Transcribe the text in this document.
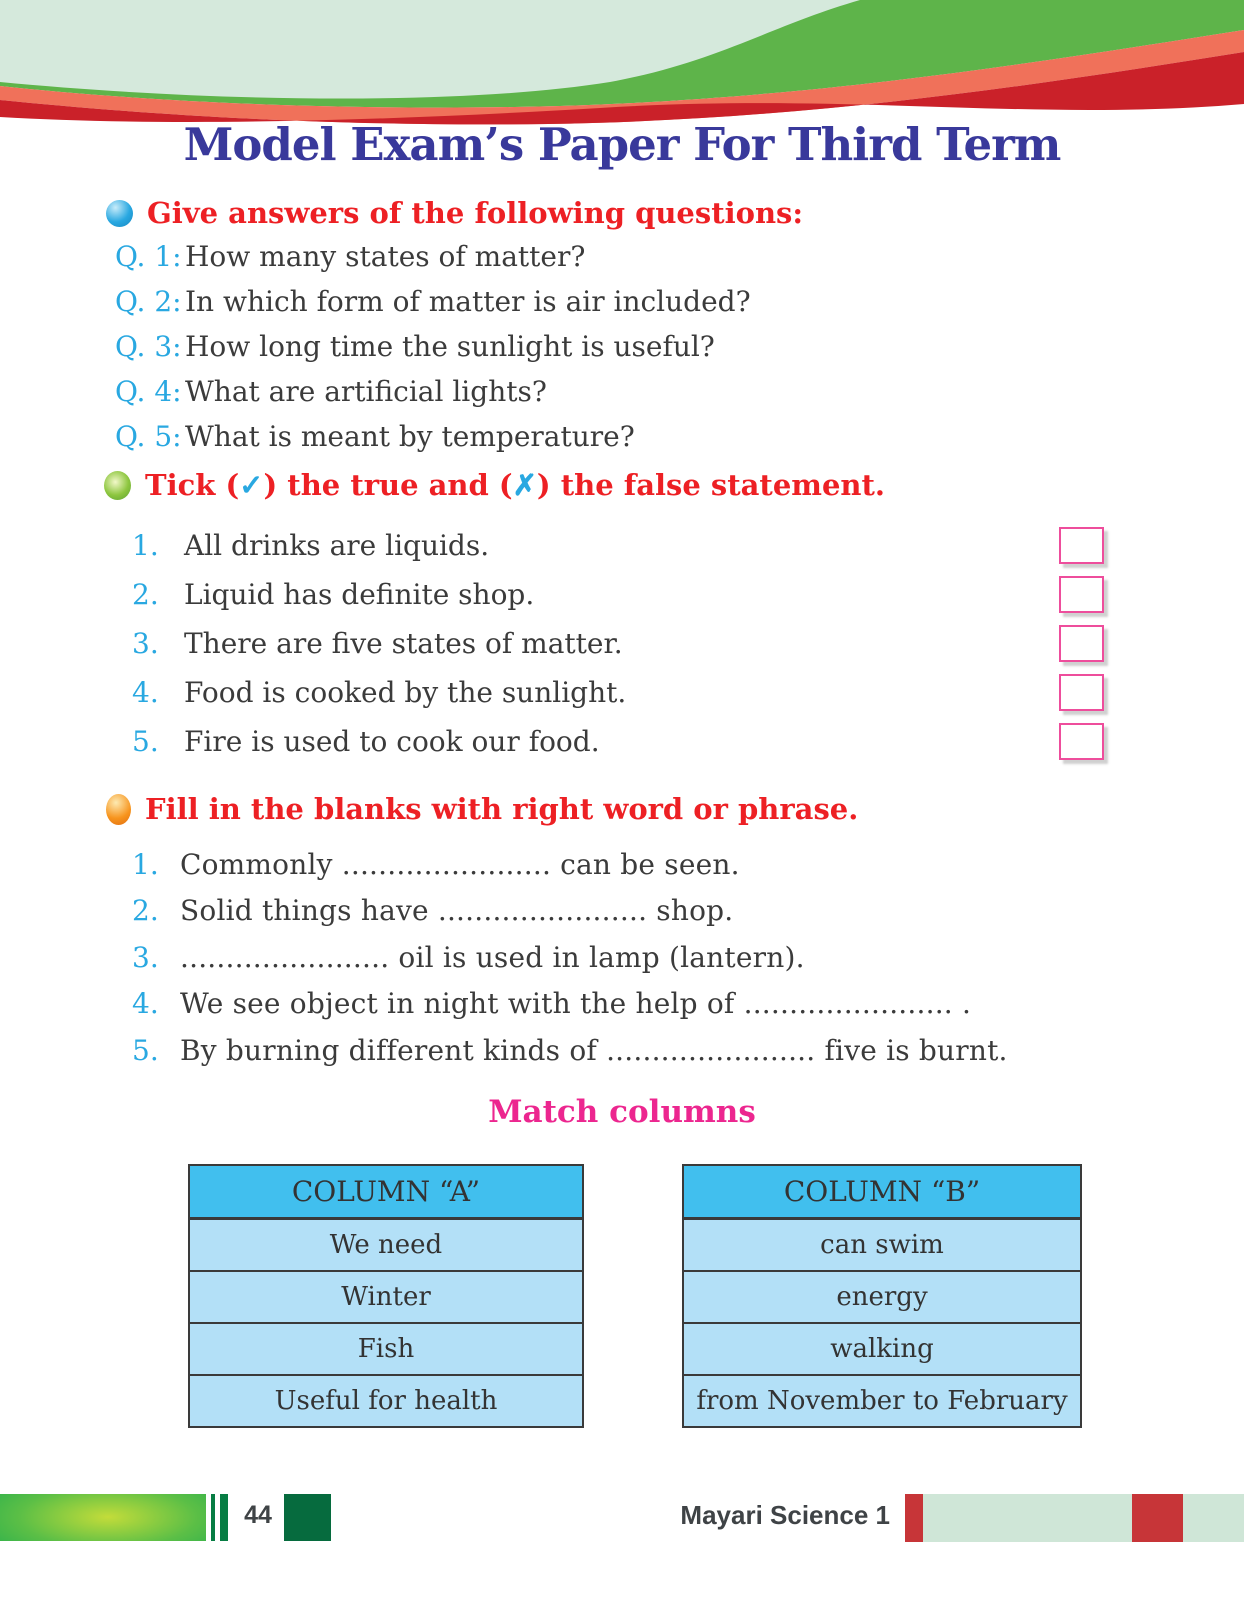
Model Exam’s Paper For Third Term
Give answers of the following questions:
Q. 1: How many states of matter?
Q. 2: In which form of matter is air included?
Q. 3: How long time the sunlight is useful?
Q. 4: What are artificial lights?
Q. 5: What is meant by temperature?
Tick (✓) the true and (✗) the false statement.
1. All drinks are liquids.
2. Liquid has definite shop.
3. There are five states of matter.
4. Food is cooked by the sunlight.
5. Fire is used to cook our food.
Fill in the blanks with right word or phrase.
1. Commonly ....................... can be seen.
2. Solid things have ....................... shop.
3. ....................... oil is used in lamp (lantern).
4. We see object in night with the help of ....................... .
5. By burning different kinds of ....................... five is burnt.
Match columns
COLUMN “A”
We need
Winter
Fish
Useful for health
COLUMN “B”
can swim
energy
walking
from November to February
44	Mayari Science 1
